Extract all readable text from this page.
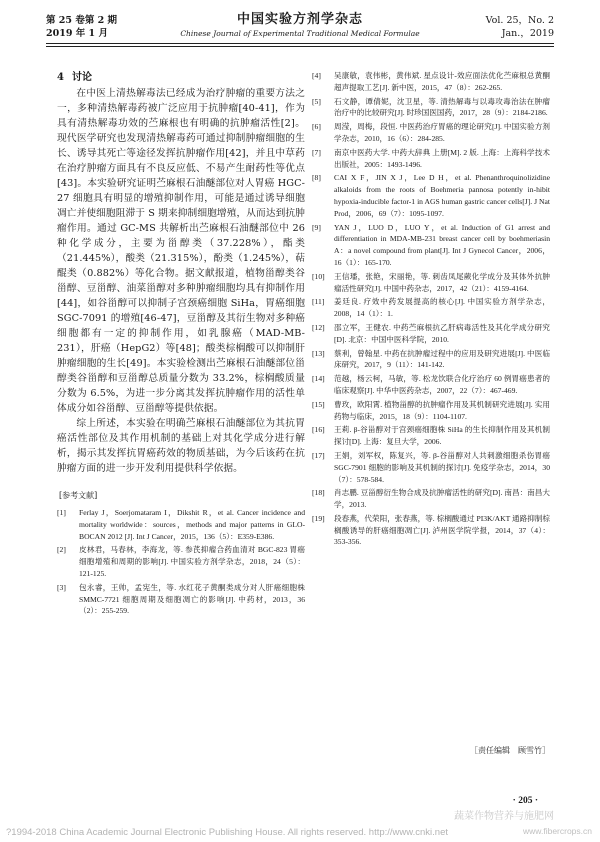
第 25 卷第 2 期
2019 年 1 月
中国实验方剂学杂志
Chinese Journal of Experimental Traditional Medical Formulae
Vol. 25，No. 2
Jan.，2019
4 讨论

在中医上清热解毒法已经成为治疗肿瘤的重要方法之一，多种清热解毒药被广泛应用于抗肿瘤[40-41]，作为具有清热解毒功效的苎麻根也有明确的抗肿瘤活性[2]。现代医学研究也发现清热解毒药可通过抑制肿瘤细胞的生长、诱导其死亡等途径发挥抗肿瘤作用[42]，并且中草药在治疗肿瘤方面具有不良反应低、不易产生耐药性等优点[43]。本实验研究证明苎麻根石油醚部位对人胃癌 HGC-27 细胞具有明显的增殖抑制作用，可能是通过诱导细胞凋亡并使细胞阻滞于 S 期来抑制细胞增殖，从而达到抗肿瘤作用。通过 GC-MS 共解析出苎麻根石油醚部位中 26 种化学成分，主要为甾醇类（37.228%），酯类（21.445%），酸类（21.315%），酚类（1.245%），萜醌类（0.882%）等化合物。据文献报道，植物甾醇类谷甾醇、豆甾醇、油菜甾醇对多种肿瘤细胞均具有抑制作用[44]，如谷甾醇可以抑制子宫颈癌细胞 SiHa，胃癌细胞 SGC-7091 的增殖[46-47]，豆甾醇及其衍生物对多种癌细胞都有一定的抑制作用，如乳腺癌（MAD-MB-231），肝癌（HepG2）等[48]；酸类棕榈酸可以抑制肝肿瘤细胞的生长[49]。本实验检测出苎麻根石油醚部位甾醇类谷甾醇和豆甾醇总质量分数为 33.2%，棕榈酸质量分数为 6.5%，为进一步分离其发挥抗肿瘤作用的活性单体成分如谷甾醇、豆甾醇等提供依据。

综上所述，本实验在明确苎麻根石油醚部位为其抗胃癌活性部位及其作用机制的基础上对其化学成分进行解析，揭示其发挥抗胃癌药效的物质基础，为今后该药在抗肿瘤方面的进一步开发利用提供科学依据。

[参考文献]
[1]	Ferlay J，Soerjomataram I，Dikshit R，et al. Cancer incidence and mortality worldwide：sources，methods and major patterns in GLO-BOCAN 2012 [J]. Int J Cancer，2015，136（5）：E359-E386.
[2]	皮林君，马春林，李海龙，等. 参芪抑瘤合药血清对 BGC-823 胃癌细胞增殖和周期的影响[J]. 中国实验方剂学杂志，2018，24（5）：121-125.
[3]	包永睿，王帅，孟宪生，等. 水红花子黄酮类成分对人肝癌细胞株 SMMC-7721 细胞周期及细胞凋亡的影响[J]. 中药材，2013，36（2）：255-259.
[4]	吴康敏，袁伟彬，黄伟斌. 星点设计-效应面法优化苎麻根总黄酮超声提取工艺[J]. 新中医，2015，47（8）：262-265.
[5]	石文静，谭倩妮，沈卫星，等. 清热解毒与以毒攻毒治法在肿瘤治疗中的比较研究[J]. 时珍国医国药，2017，28（9）：2184-2186.
[6]	周滢，周梅，段恒. 中医药治疗胃癌的理论研究[J]. 中国实验方剂学杂志，2010，16（6）：284-285.
[7]	南京中医药大学. 中药大辞典 上册[M]. 2 版. 上海：上海科学技术出版社，2005：1493-1496.
[8]	CAI X F，JIN X J，Lee D H，et al. Phenanthroquinolizidine alkaloids from the roots of Boehmeria pannosa potently in-hibit hypoxia-inducible factor-1 in AGS human gastric cancer cells[J]. J Nat Prod，2006，69（7）：1095-1097.
[9]	YAN J，LUO D，LUO Y，et al. Induction of G1 arrest and differentiation in MDA-MB-231 breast cancer cell by boehmeriasin A：a novel compound from plant[J]. Int J Gynecol Cancer，2006，16（1）：165-170.
[10]	王信璠，张艳，宋丽艳，等. 刺齿凤尾蕨化学成分及其体外抗肿瘤活性研究[J]. 中国中药杂志，2017，42（21）：4159-4164.
[11]	姜廷良. 疗效中药发展提高的核心[J]. 中国实验方剂学杂志，2008，14（1）：1.
[12]	邵立军，王健农. 中药苎麻根抗乙肝病毒活性及其化学成分研究[D]. 北京：中国中医科学院，2010.
[13]	蔡利，曾翰星. 中药在抗肿瘤过程中的应用及研究进展[J]. 中医临床研究，2017，9（11）：141-142.
[14]	范越，杨云柯，马敏，等. 松龙饮联合化疗治疗 60 例胃癌患者的临床观察[J]. 中华中医药杂志，2007，22（7）：467-469.
[15]	曹玫，欧阳霄. 植物甾醇的抗肿瘤作用及其机制研究进展[J]. 实用药物与临床，2015，18（9）：1104-1107.
[16]	王莉. β-谷甾醇对于宫颈癌细胞株 SiHa 的生长抑制作用及其机制探讨[D]. 上海：复旦大学，2006.
[17]	王娟，刘军权，陈复兴，等. β-谷甾醇对人共刺激细胞杀伤胃癌 SGC-7901 细胞的影响及其机制的探讨[J]. 免疫学杂志，2014，30（7）：578-584.
[18]	肖志鹏. 豆甾醇衍生物合成及抗肿瘤活性的研究[D]. 南昌：南昌大学，2013.
[19]	段春燕，代荣阳，张春燕，等. 棕榈酸通过 PI3K/AKT 通路抑制棕榈酸诱导的肝癌细胞凋亡[J]. 泸州医学院学报，2014，37（4）：353-356.
［责任编辑　顾雪竹］
· 205 ·
蔬菜作物营养与施肥网
?1994-2018 China Academic Journal Electronic Publishing House. All rights reserved. http://www.cnki.net	www.fibercrops.cn
